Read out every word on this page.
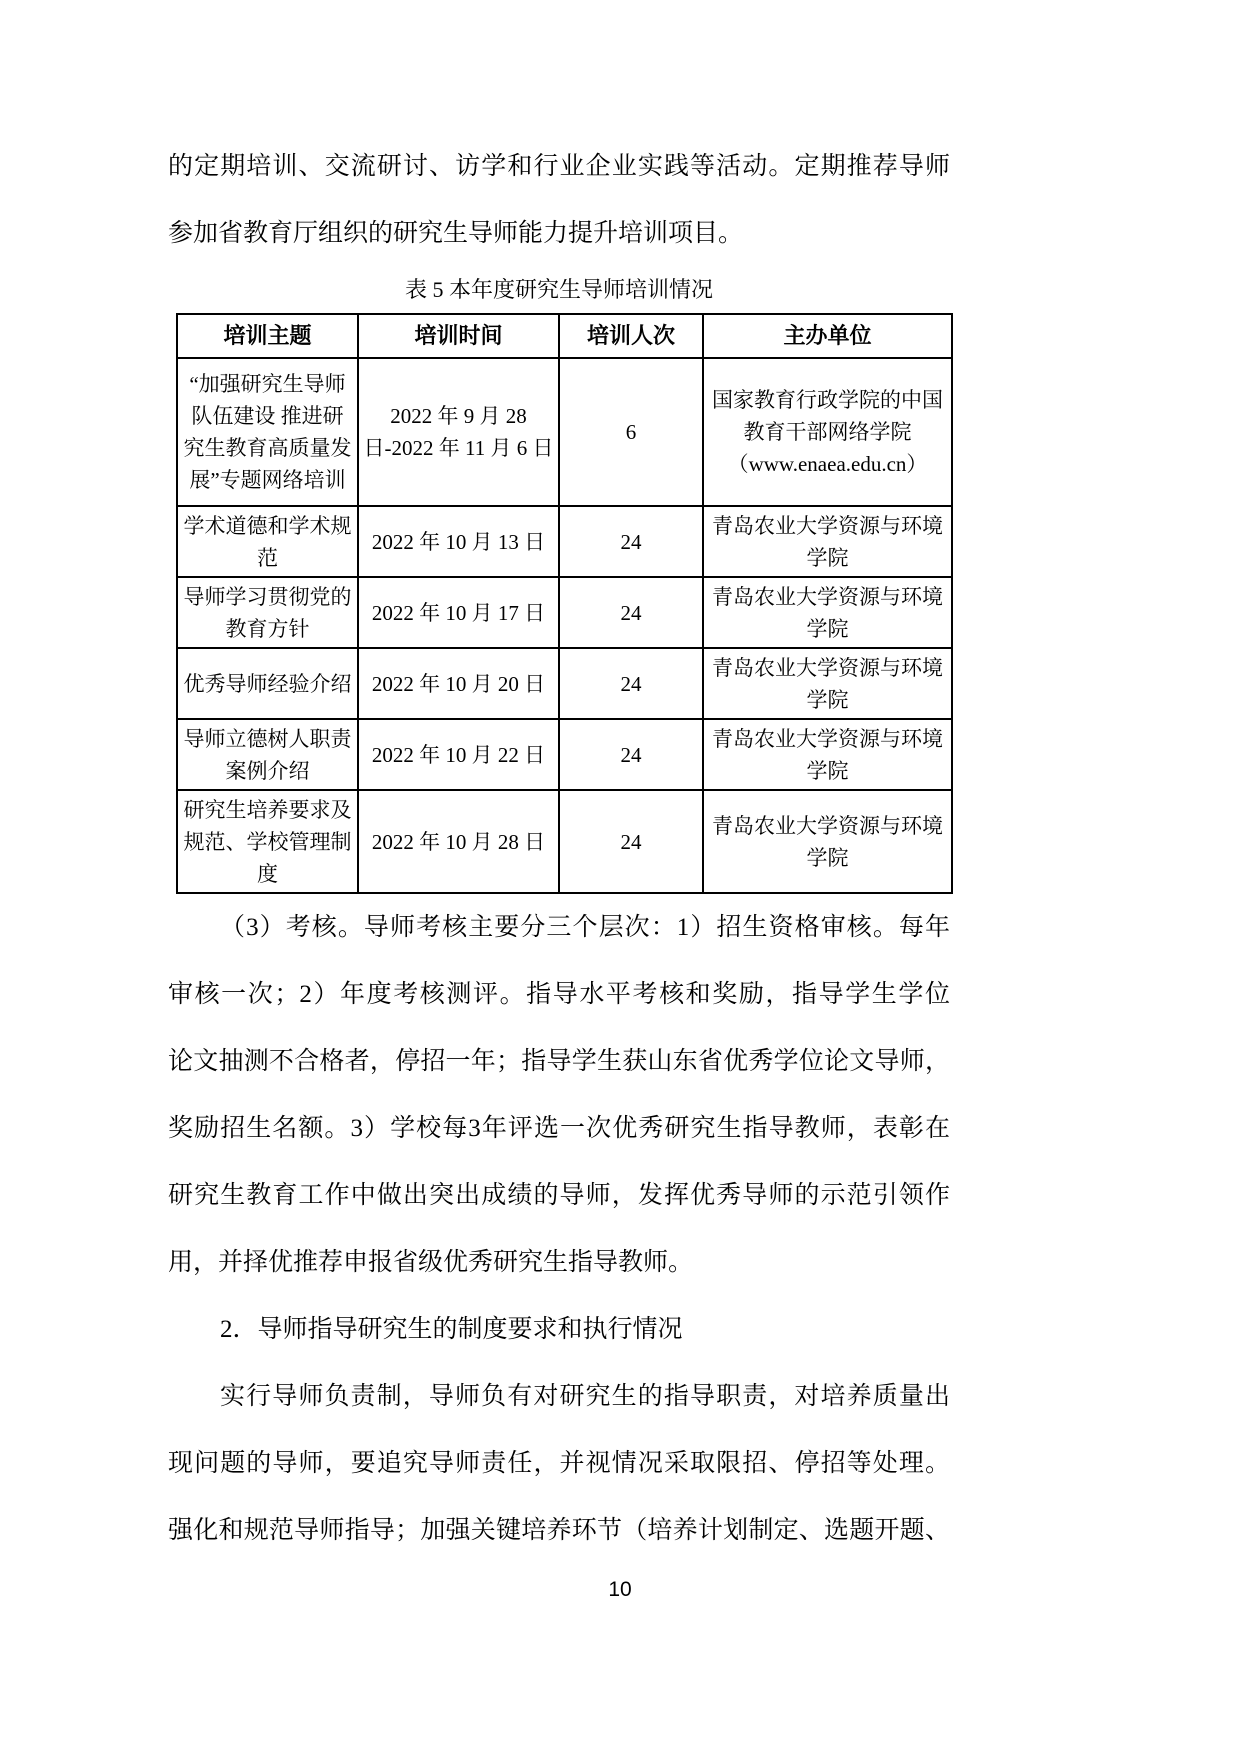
的定期培训、交流研讨、访学和行业企业实践等活动。定期推荐导师
参加省教育厅组织的研究生导师能力提升培训项目。
表 5 本年度研究生导师培训情况
培训主题	培训时间	培训人次	主办单位
“加强研究生导师队伍建设 推进研究生教育高质量发展”专题网络培训	2022 年 9 月 28 日-2022 年 11 月 6 日	6	国家教育行政学院的中国教育干部网络学院（www.enaea.edu.cn）
学术道德和学术规范	2022 年 10 月 13 日	24	青岛农业大学资源与环境学院
导师学习贯彻党的教育方针	2022 年 10 月 17 日	24	青岛农业大学资源与环境学院
优秀导师经验介绍	2022 年 10 月 20 日	24	青岛农业大学资源与环境学院
导师立德树人职责案例介绍	2022 年 10 月 22 日	24	青岛农业大学资源与环境学院
研究生培养要求及规范、学校管理制度	2022 年 10 月 28 日	24	青岛农业大学资源与环境学院
（3）考核。导师考核主要分三个层次：1）招生资格审核。每年
审核一次；2）年度考核测评。指导水平考核和奖励，指导学生学位
论文抽测不合格者，停招一年；指导学生获山东省优秀学位论文导师，
奖励招生名额。3）学校每3年评选一次优秀研究生指导教师，表彰在
研究生教育工作中做出突出成绩的导师，发挥优秀导师的示范引领作
用，并择优推荐申报省级优秀研究生指导教师。
2．导师指导研究生的制度要求和执行情况
实行导师负责制，导师负有对研究生的指导职责，对培养质量出
现问题的导师，要追究导师责任，并视情况采取限招、停招等处理。
强化和规范导师指导；加强关键培养环节（培养计划制定、选题开题、
10
